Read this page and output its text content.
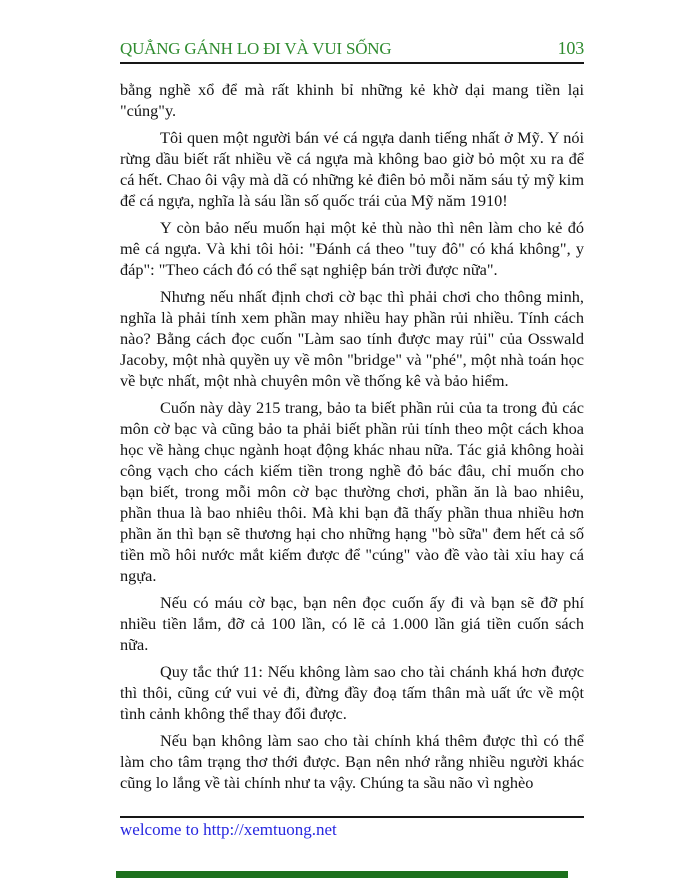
QUẲNG GÁNH LO ĐI VÀ VUI SỐNG	103

bằng nghề xổ để mà rất khinh bỉ những kẻ khờ dại mang tiền lại "cúng"y.

Tôi quen một người bán vé cá ngựa danh tiếng nhất ở Mỹ. Y nói rừng dầu biết rất nhiều về cá ngựa mà không bao giờ bỏ một xu ra để cá hết. Chao ôi vậy mà dã có những kẻ điên bỏ mỗi năm sáu tỷ mỹ kim để cá ngựa, nghĩa là sáu lần số quốc trái của Mỹ năm 1910!

Y còn bảo nếu muốn hại một kẻ thù nào thì nên làm cho kẻ đó mê cá ngựa. Và khi tôi hỏi: "Đánh cá theo "tuy đô" có khá không", y đáp": "Theo cách đó có thể sạt nghiệp bán trời được nữa".

Nhưng nếu nhất định chơi cờ bạc thì phải chơi cho thông minh, nghĩa là phải tính xem phần may nhiều hay phần rủi nhiều. Tính cách nào? Bằng cách đọc cuốn "Làm sao tính được may rủi" của Osswald Jacoby, một nhà quyền uy về môn "bridge" và "phé", một nhà toán học về bực nhất, một nhà chuyên môn về thống kê và bảo hiểm.

Cuốn này dày 215 trang, bảo ta biết phần rủi của ta trong đủ các môn cờ bạc và cũng bảo ta phải biết phần rủi tính theo một cách khoa học về hàng chục ngành hoạt động khác nhau nữa. Tác giả không hoài công vạch cho cách kiếm tiền trong nghề đỏ bác đâu, chỉ muốn cho bạn biết, trong mỗi môn cờ bạc thường chơi, phần ăn là bao nhiêu, phần thua là bao nhiêu thôi. Mà khi bạn đã thấy phần thua nhiều hơn phần ăn thì bạn sẽ thương hại cho những hạng "bò sữa" đem hết cả số tiền mồ hôi nước mắt kiếm được để "cúng" vào đề vào tài xỉu hay cá ngựa.

Nếu có máu cờ bạc, bạn nên đọc cuốn ấy đi và bạn sẽ đỡ phí nhiều tiền lắm, đỡ cả 100 lần, có lẽ cả 1.000 lần giá tiền cuốn sách nữa.

Quy tắc thứ 11: Nếu không làm sao cho tài chánh khá hơn được thì thôi, cũng cứ vui vẻ đi, đừng đầy đoạ tấm thân mà uất ức về một tình cảnh không thể thay đổi được.

Nếu bạn không làm sao cho tài chính khá thêm được thì có thể làm cho tâm trạng thơ thới được. Bạn nên nhớ rằng nhiều người khác cũng lo lắng về tài chính như ta vậy. Chúng ta sầu não vì nghèo

welcome to http://xemtuong.net
